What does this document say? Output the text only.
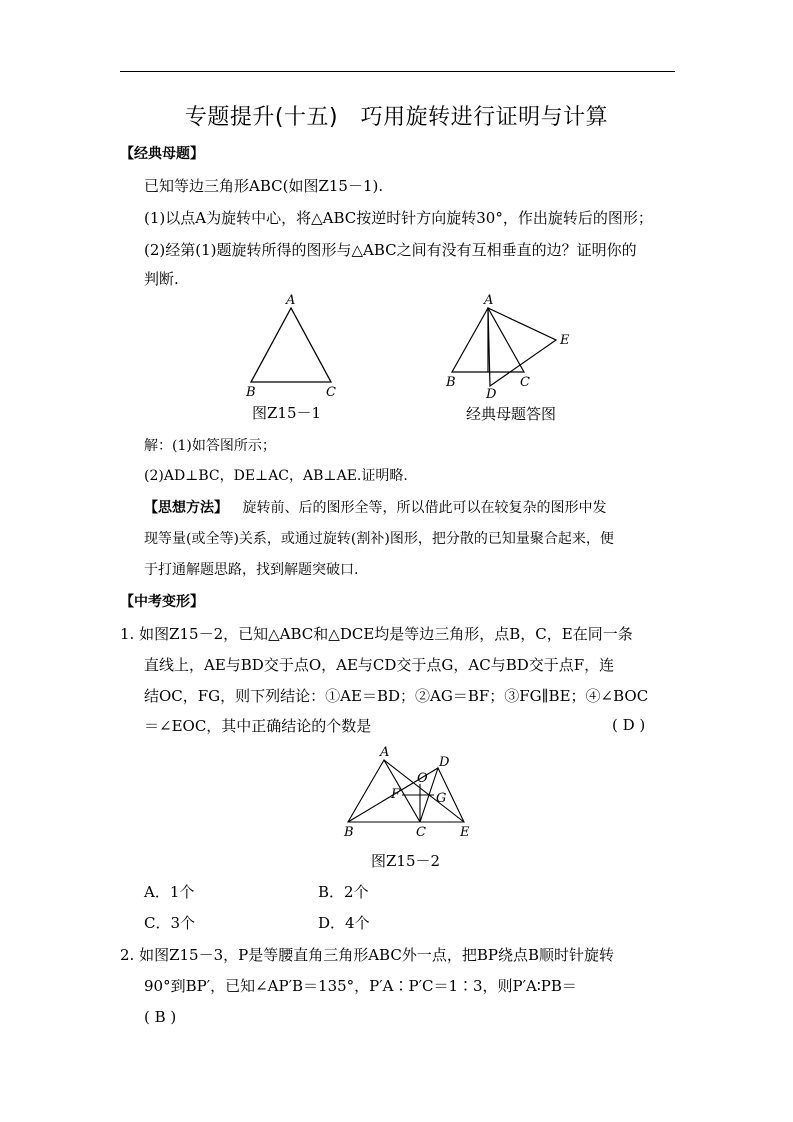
专题提升(十五)　巧用旋转进行证明与计算
【经典母题】
已知等边三角形ABC(如图Z15－1).
(1)以点A为旋转中心，将△ABC按逆时针方向旋转30°，作出旋转后的图形；
(2)经第(1)题旋转所得的图形与△ABC之间有没有互相垂直的边？证明你的
判断.
A
B	C
图Z15－1
A
B	C
D
E
经典母题答图
解：(1)如答图所示；
(2)AD⊥BC，DE⊥AC，AB⊥AE.证明略.
【思想方法】 旋转前、后的图形全等，所以借此可以在较复杂的图形中发
现等量(或全等)关系，或通过旋转(割补)图形，把分散的已知量聚合起来，便
于打通解题思路，找到解题突破口.
【中考变形】
1. 如图Z15－2，已知△ABC和△DCE均是等边三角形，点B，C，E在同一条
直线上，AE与BD交于点O，AE与CD交于点G，AC与BD交于点F，连
结OC，FG，则下列结论：①AE＝BD；②AG＝BF；③FG∥BE；④∠BOC
＝∠EOC，其中正确结论的个数是	( D )
A
D
O
F	G
B	C	E
图Z15－2
A．1个	B．2个
C．3个	D．4个
2. 如图Z15－3，P是等腰直角三角形ABC外一点，把BP绕点B顺时针旋转
90°到BP′，已知∠AP′B＝135°，P′A∶P′C＝1∶3，则P′A∶PB＝
( B )
